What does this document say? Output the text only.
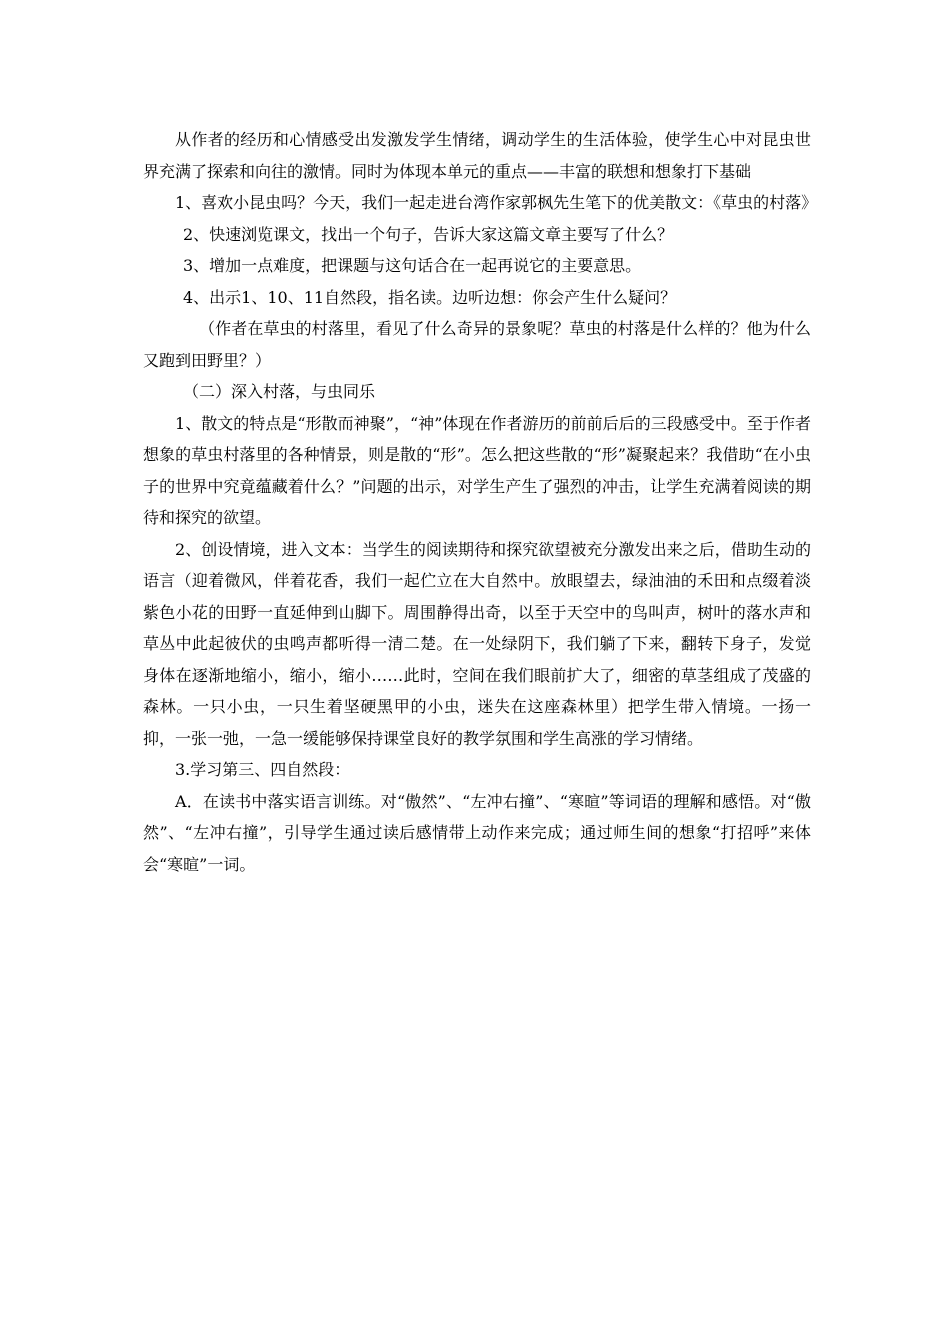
从作者的经历和心情感受出发激发学生情绪，调动学生的生活体验，使学生心中对昆虫世界充满了探索和向往的激情。同时为体现本单元的重点——丰富的联想和想象打下基础

1、喜欢小昆虫吗？今天，我们一起走进台湾作家郭枫先生笔下的优美散文：《草虫的村落》

2、快速浏览课文，找出一个句子，告诉大家这篇文章主要写了什么？

3、增加一点难度，把课题与这句话合在一起再说它的主要意思。

4、出示1、10、11自然段，指名读。边听边想：你会产生什么疑问？

（作者在草虫的村落里，看见了什么奇异的景象呢？草虫的村落是什么样的？他为什么又跑到田野里？）

（二）深入村落，与虫同乐

1、散文的特点是“形散而神聚”，“神”体现在作者游历的前前后后的三段感受中。至于作者想象的草虫村落里的各种情景，则是散的“形”。怎么把这些散的“形”凝聚起来？我借助“在小虫子的世界中究竟蕴藏着什么？”问题的出示，对学生产生了强烈的冲击，让学生充满着阅读的期待和探究的欲望。

2、创设情境，进入文本：当学生的阅读期待和探究欲望被充分激发出来之后，借助生动的语言（迎着微风，伴着花香，我们一起伫立在大自然中。放眼望去，绿油油的禾田和点缀着淡紫色小花的田野一直延伸到山脚下。周围静得出奇，以至于天空中的鸟叫声，树叶的落水声和草丛中此起彼伏的虫鸣声都听得一清二楚。在一处绿阴下，我们躺了下来，翻转下身子，发觉身体在逐渐地缩小，缩小，缩小……此时，空间在我们眼前扩大了，细密的草茎组成了茂盛的森林。一只小虫，一只生着坚硬黑甲的小虫，迷失在这座森林里）把学生带入情境。一扬一抑，一张一弛，一急一缓能够保持课堂良好的教学氛围和学生高涨的学习情绪。

3.学习第三、四自然段：

A．在读书中落实语言训练。对“傲然”、“左冲右撞”、“寒暄”等词语的理解和感悟。对“傲然”、“左冲右撞”，引导学生通过读后感情带上动作来完成；通过师生间的想象“打招呼”来体会“寒暄”一词。
